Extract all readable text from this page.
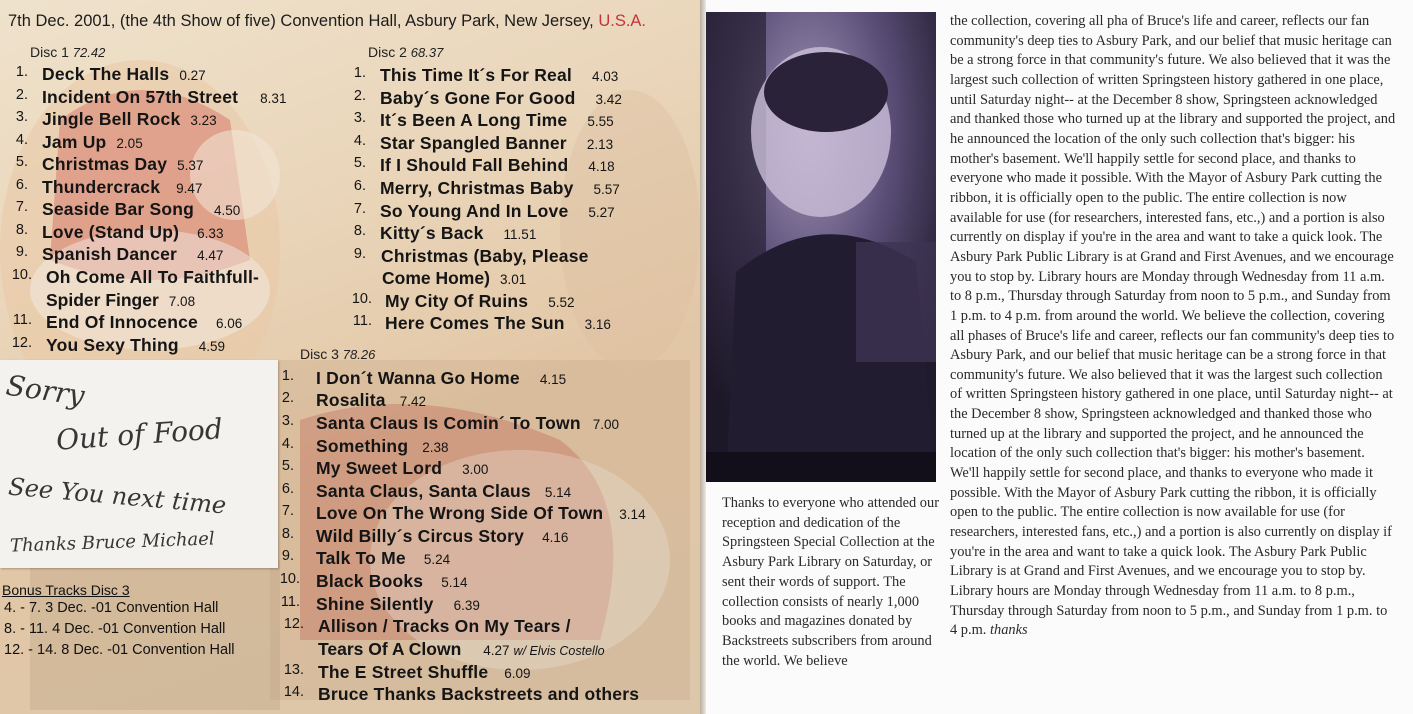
7th Dec. 2001, (the 4th Show of five) Convention Hall, Asbury Park, New Jersey, U.S.A.
Disc 1 72.42	Disc 2 68.37
Disc 3 78.26
1. Deck The Halls 0.27
2. Incident On 57th Street 8.31
3. Jingle Bell Rock 3.23
4. Jam Up 2.05
5. Christmas Day 5.37
6. Thundercrack 9.47
7. Seaside Bar Song 4.50
8. Love (Stand Up) 6.33
9. Spanish Dancer 4.47
10. Oh Come All To Faithfull-
Spider Finger 7.08
11. End Of Innocence 6.06
12. You Sexy Thing 4.59
1. This Time It´s For Real 4.03
2. Baby´s Gone For Good 3.42
3. It´s Been A Long Time 5.55
4. Star Spangled Banner 2.13
5. If I Should Fall Behind 4.18
6. Merry, Christmas Baby 5.57
7. So Young And In Love 5.27
8. Kitty´s Back 11.51
9. Christmas (Baby, Please
Come Home) 3.01
10. My City Of Ruins 5.52
11. Here Comes The Sun 3.16
1. I Don´t Wanna Go Home 4.15
2. Rosalita 7.42
3. Santa Claus Is Comin´ To Town 7.00
4. Something 2.38
5. My Sweet Lord 3.00
6. Santa Claus, Santa Claus 5.14
7. Love On The Wrong Side Of Town 3.14
8. Wild Billy´s Circus Story 4.16
9. Talk To Me 5.24
10. Black Books 5.14
11. Shine Silently 6.39
12. Allison / Tracks On My Tears /
Tears Of A Clown 4.27 w/ Elvis Costello
13. The E Street Shuffle 6.09
14. Bruce Thanks Backstreets and others
Sorry
Out of Food
See You next time
Thanks Bruce Michael
Bonus Tracks Disc 3
4. - 7. 3 Dec. -01 Convention Hall
8. - 11. 4 Dec. -01 Convention Hall
12. - 14. 8 Dec. -01 Convention Hall
Thanks to everyone who attended our reception and dedication of the Springsteen Special Collection at the Asbury Park Library on Saturday, or sent their words of support. The collection consists of nearly 1,000 books and magazines donated by Backstreets subscribers from around the world. We believe
the collection, covering all pha of Bruce's life and career, reflects our fan community's deep ties to Asbury Park, and our belief that music heritage can be a strong force in that community's future. We also believed that it was the largest such collection of written Springsteen history gathered in one place, until Saturday night-- at the December 8 show, Springsteen acknowledged and thanked those who turned up at the library and supported the project, and he announced the location of the only such collection that's bigger: his mother's basement. We'll happily settle for second place, and thanks to everyone who made it possible. With the Mayor of Asbury Park cutting the ribbon, it is officially open to the public. The entire collection is now available for use (for researchers, interested fans, etc.,) and a portion is also currently on display if you're in the area and want to take a quick look. The Asbury Park Public Library is at Grand and First Avenues, and we encourage you to stop by. Library hours are Monday through Wednesday from 11 a.m. to 8 p.m., Thursday through Saturday from noon to 5 p.m., and Sunday from 1 p.m. to 4 p.m. from around the world. We believe the collection, covering all phases of Bruce's life and career, reflects our fan community's deep ties to Asbury Park, and our belief that music heritage can be a strong force in that community's future. We also believed that it was the largest such collection of written Springsteen history gathered in one place, until Saturday night-- at the December 8 show, Springsteen acknowledged and thanked those who turned up at the library and supported the project, and he announced the location of the only such collection that's bigger: his mother's basement. We'll happily settle for second place, and thanks to everyone who made it possible. With the Mayor of Asbury Park cutting the ribbon, it is officially open to the public. The entire collection is now available for use (for researchers, interested fans, etc.,) and a portion is also currently on display if you're in the area and want to take a quick look. The Asbury Park Public Library is at Grand and First Avenues, and we encourage you to stop by. Library hours are Monday through Wednesday from 11 a.m. to 8 p.m., Thursday through Saturday from noon to 5 p.m., and Sunday from 1 p.m. to 4 p.m. thanks
